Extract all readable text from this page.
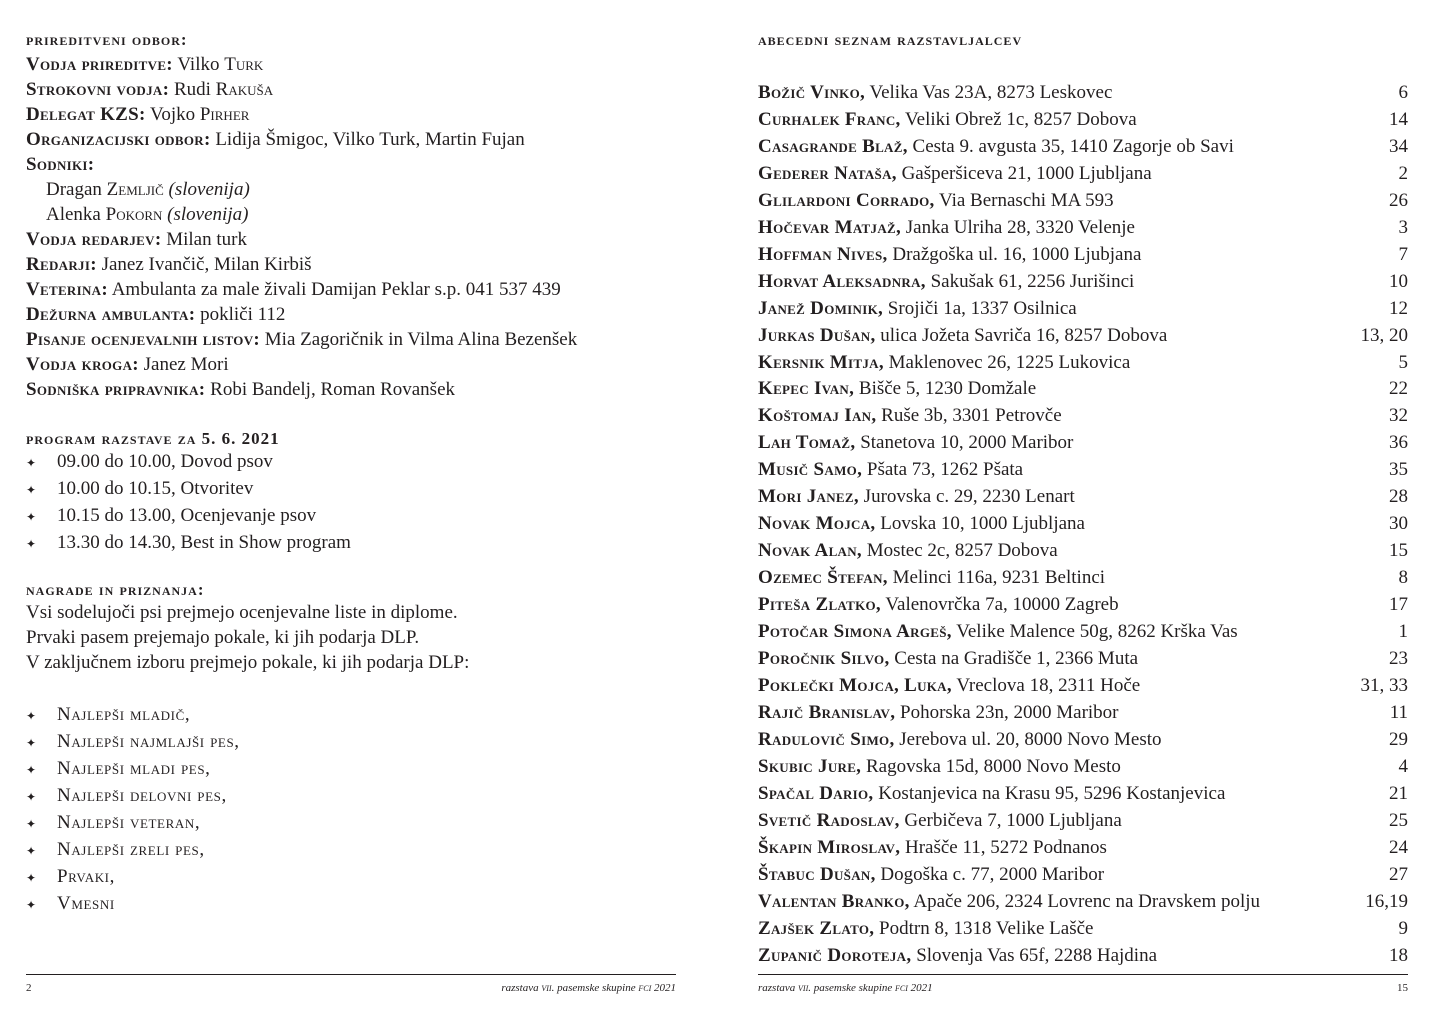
prireditveni odbor:
Vodja prireditve: Vilko Turk
Strokovni vodja: Rudi Rakuša
Delegat KZS: Vojko Pirher
Organizacijski odbor: Lidija Šmigoc, Vilko Turk, Martin Fujan
Sodniki:
Dragan Zemljič (slovenija)
Alenka Pokorn (slovenija)
Vodja redarjev: Milan turk
Redarji: Janez Ivančič, Milan Kirbiš
Veterina: Ambulanta za male živali Damijan Peklar s.p. 041 537 439
Dežurna ambulanta: pokliči 112
Pisanje ocenjevalnih listov: Mia Zagoričnik in Vilma Alina Bezenšek
Vodja kroga: Janez Mori
Sodniška pripravnika: Robi Bandelj, Roman Rovanšek
program razstave za 5. 6. 2021
✦	09.00 do 10.00, Dovod psov
✦	10.00 do 10.15, Otvoritev
✦	10.15 do 13.00, Ocenjevanje psov
✦	13.30 do 14.30, Best in Show program
nagrade in priznanja:
Vsi sodelujoči psi prejmejo ocenjevalne liste in diplome.
Prvaki pasem prejemajo pokale, ki jih podarja DLP.
V zaključnem izboru prejmejo pokale, ki jih podarja DLP:
✦	Najlepši mladič,
✦	Najlepši najmlajši pes,
✦	Najlepši mladi pes,
✦	Najlepši delovni pes,
✦	Najlepši veteran,
✦	Najlepši zreli pes,
✦	Prvaki,
✦	Vmesni
2	razstava vii. pasemske skupine fci 2021
abecedni seznam razstavljalcev
Božič Vinko, Velika Vas 23A, 8273 Leskovec	6
Curhalek Franc, Veliki Obrež 1c, 8257 Dobova	14
Casagrande Blaž, Cesta 9. avgusta 35, 1410 Zagorje ob Savi	34
Gederer Nataša, Gašperšiceva 21, 1000 Ljubljana	2
Glilardoni Corrado, Via Bernaschi MA 593	26
Hočevar Matjaž, Janka Ulriha 28, 3320 Velenje	3
Hoffman Nives, Dražgoška ul. 16, 1000 Ljubjana	7
Horvat Aleksadnra, Sakušak 61, 2256 Jurišinci	10
Janež Dominik, Srojiči 1a, 1337 Osilnica	12
Jurkas Dušan, ulica Jožeta Savriča 16, 8257 Dobova	13, 20
Kersnik Mitja, Maklenovec 26, 1225 Lukovica	5
Kepec Ivan, Bišče 5, 1230 Domžale	22
Koštomaj Ian, Ruše 3b, 3301 Petrovče	32
Lah Tomaž, Stanetova 10, 2000 Maribor	36
Musič Samo, Pšata 73, 1262 Pšata	35
Mori Janez, Jurovska c. 29, 2230 Lenart	28
Novak Mojca, Lovska 10, 1000 Ljubljana	30
Novak Alan, Mostec 2c, 8257 Dobova	15
Ozemec Štefan, Melinci 116a, 9231 Beltinci	8
Piteša Zlatko, Valenovrčka 7a, 10000 Zagreb	17
Potočar Simona Argeš, Velike Malence 50g, 8262 Krška Vas	1
Poročnik Silvo, Cesta na Gradišče 1, 2366 Muta	23
Poklečki Mojca, Luka, Vreclova 18, 2311 Hoče	31, 33
Rajič Branislav, Pohorska 23n, 2000 Maribor	11
Radulovič Simo, Jerebova ul. 20, 8000 Novo Mesto	29
Skubic Jure, Ragovska 15d, 8000 Novo Mesto	4
Spačal Dario, Kostanjevica na Krasu 95, 5296 Kostanjevica	21
Svetič Radoslav, Gerbičeva 7, 1000 Ljubljana	25
Škapin Miroslav, Hrašče 11, 5272 Podnanos	24
Štabuc Dušan, Dogoška c. 77, 2000 Maribor	27
Valentan Branko, Apače 206, 2324 Lovrenc na Dravskem polju	16,19
Zajšek Zlato, Podtrn 8, 1318 Velike Lašče	9
Zupanič Doroteja, Slovenja Vas 65f, 2288 Hajdina	18
razstava vii. pasemske skupine fci 2021	15
